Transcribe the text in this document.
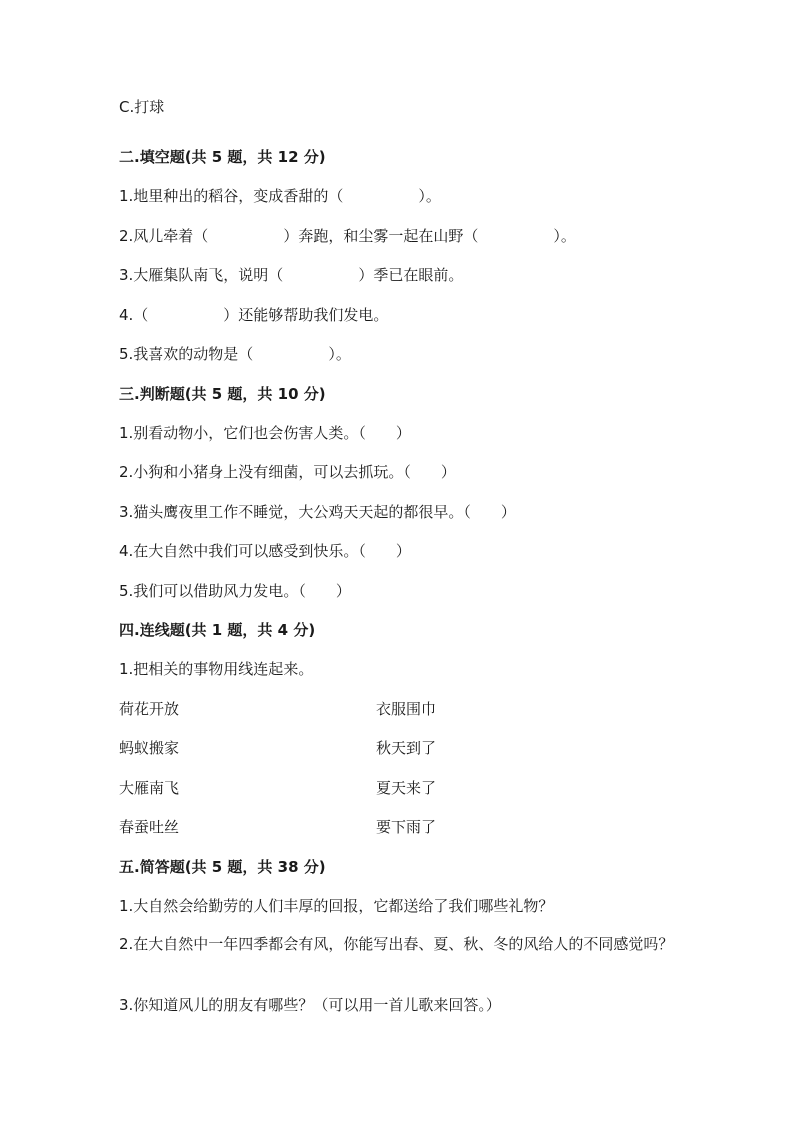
C.打球

二.填空题(共 5 题，共 12 分)

1.地里种出的稻谷，变成香甜的（　　　　　）。

2.风儿牵着（　　　　　）奔跑，和尘雾一起在山野（　　　　　）。

3.大雁集队南飞，说明（　　　　　）季已在眼前。

4.（　　　　　）还能够帮助我们发电。

5.我喜欢的动物是（　　　　　）。

三.判断题(共 5 题，共 10 分)

1.别看动物小，它们也会伤害人类。（　　）

2.小狗和小猪身上没有细菌，可以去抓玩。（　　）

3.猫头鹰夜里工作不睡觉，大公鸡天天起的都很早。（　　）

4.在大自然中我们可以感受到快乐。（　　）

5.我们可以借助风力发电。（　　）

四.连线题(共 1 题，共 4 分)

1.把相关的事物用线连起来。

荷花开放	衣服围巾

蚂蚁搬家	秋天到了

大雁南飞	夏天来了

春蚕吐丝	要下雨了

五.简答题(共 5 题，共 38 分)

1.大自然会给勤劳的人们丰厚的回报，它都送给了我们哪些礼物？

2.在大自然中一年四季都会有风，你能写出春、夏、秋、冬的风给人的不同感觉吗？

3.你知道风儿的朋友有哪些？（可以用一首儿歌来回答。）
